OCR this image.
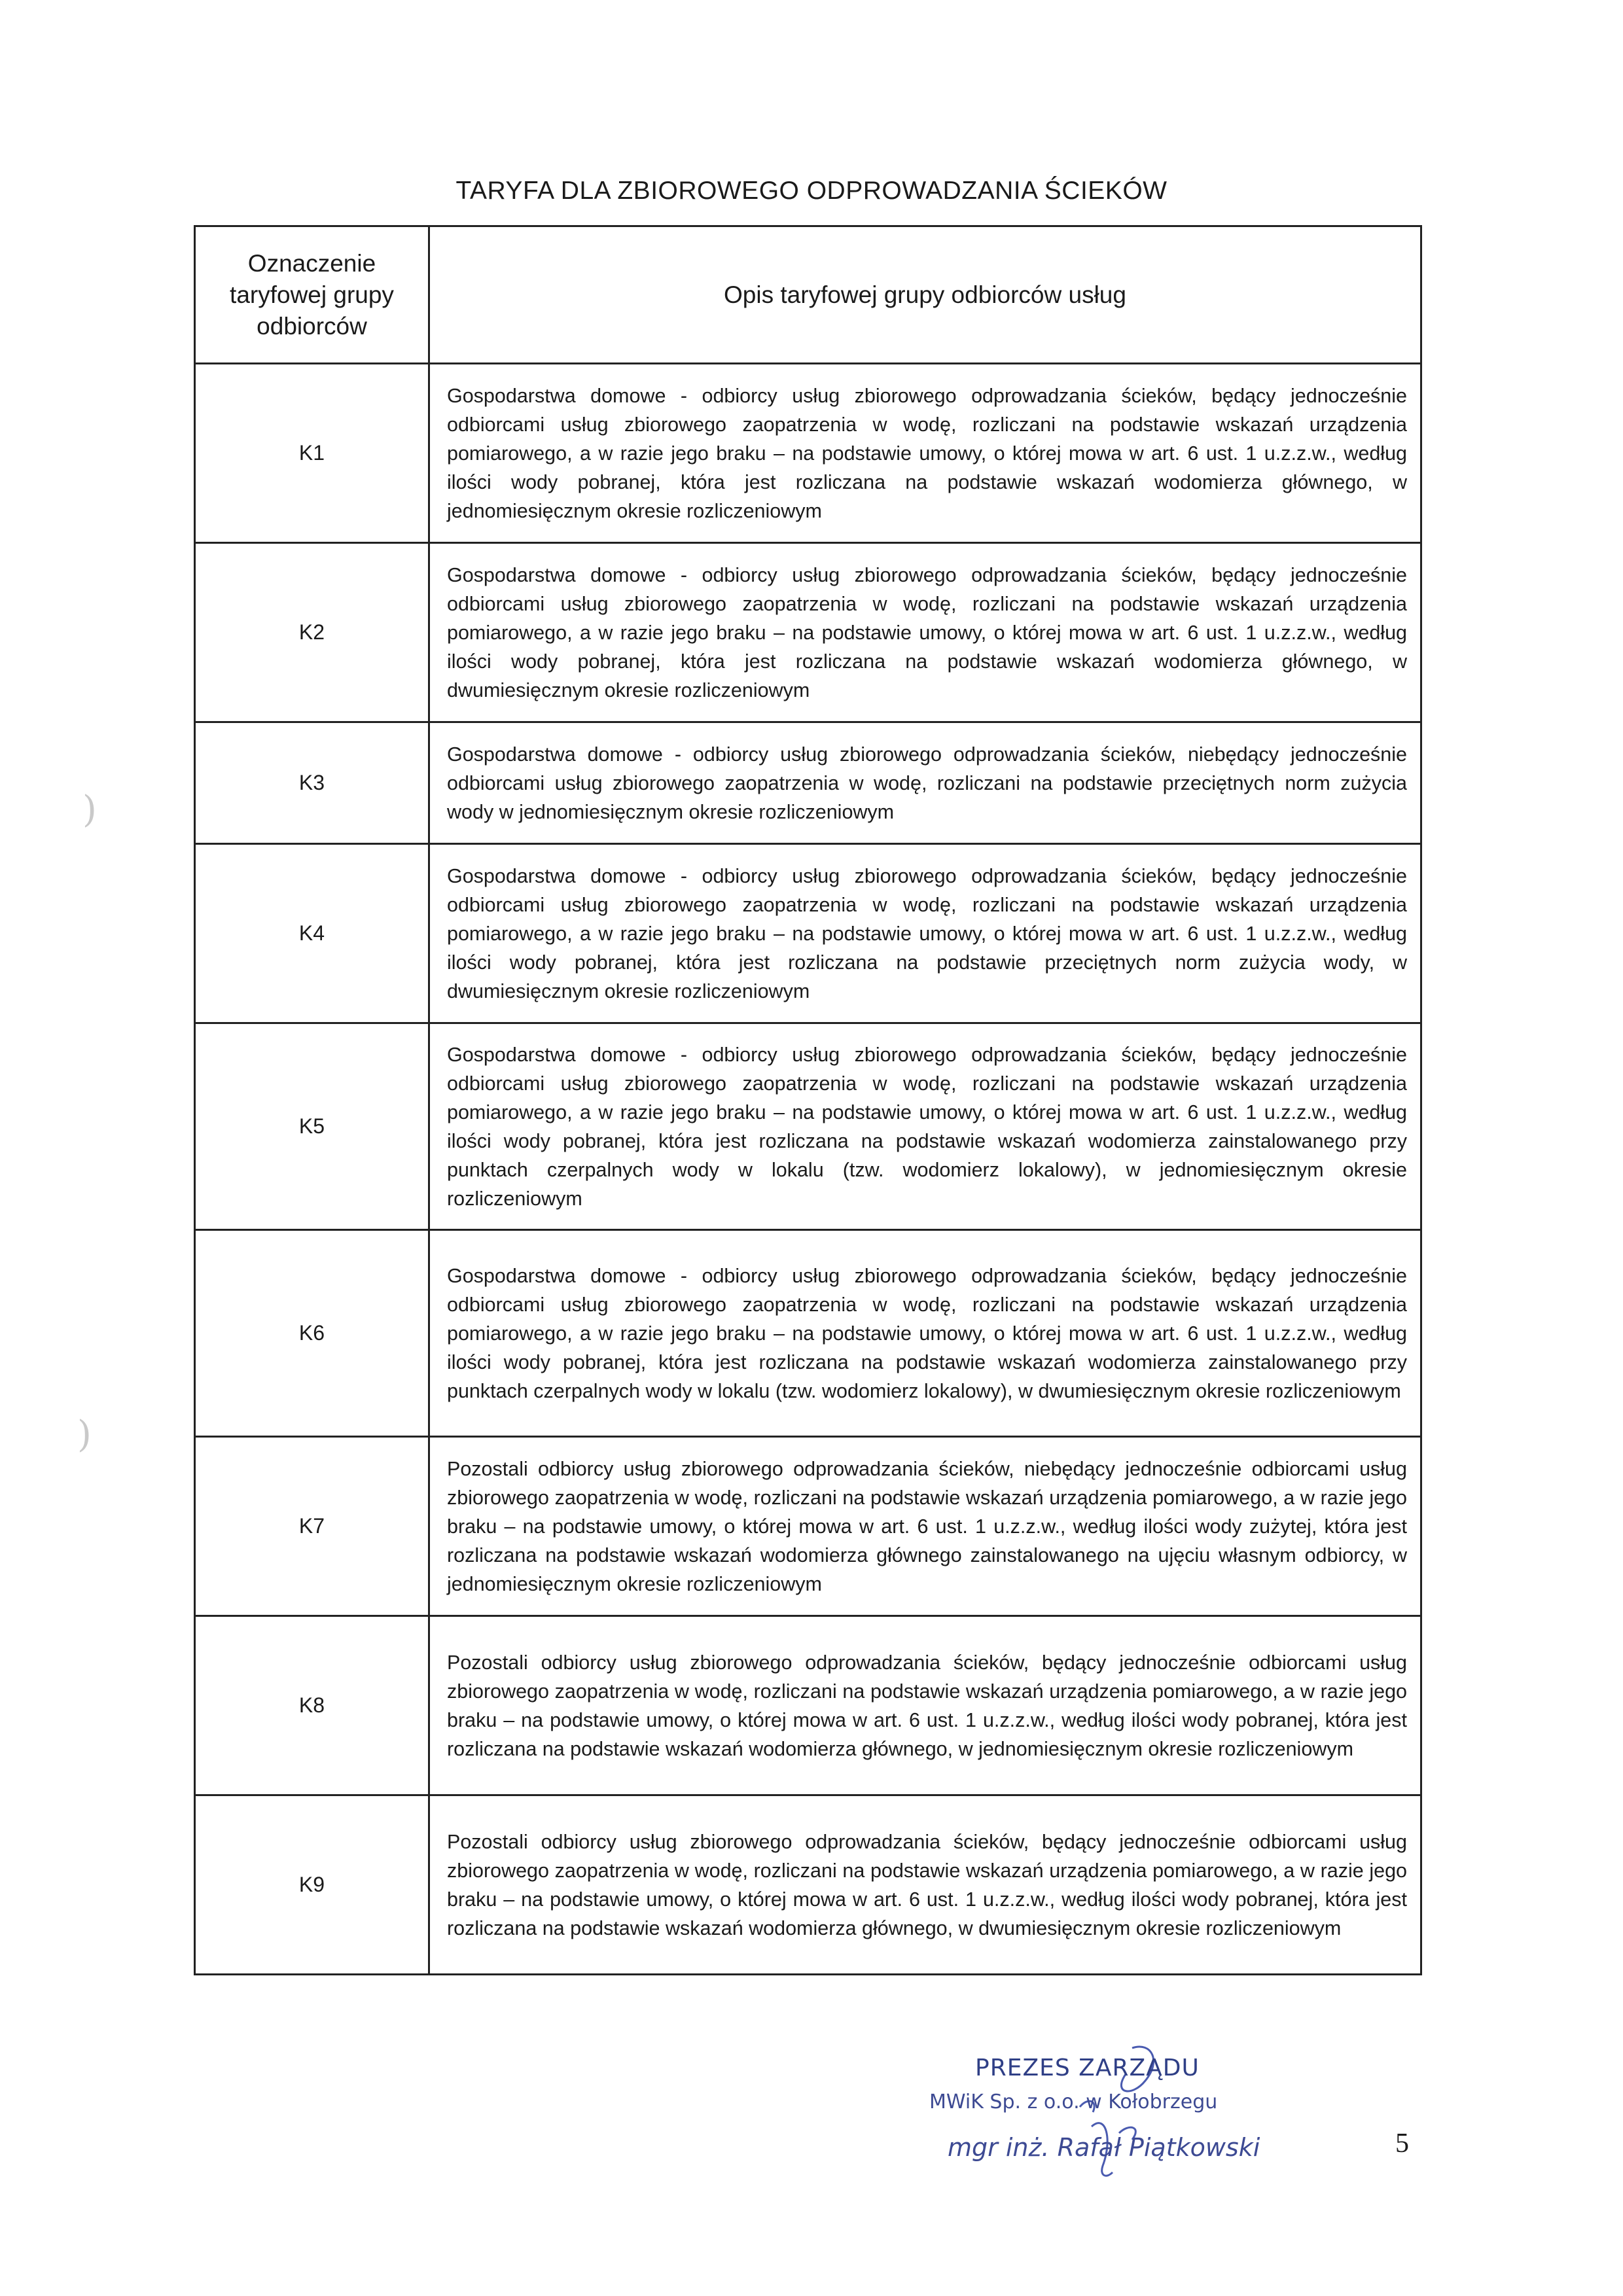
TARYFA DLA ZBIOROWEGO ODPROWADZANIA ŚCIEKÓW
Oznaczenie taryfowej grupy odbiorców	Opis taryfowej grupy odbiorców usług
K1	Gospodarstwa domowe - odbiorcy usług zbiorowego odprowadzania ścieków, będący jednocześnie odbiorcami usług zbiorowego zaopatrzenia w wodę, rozliczani na podstawie wskazań urządzenia pomiarowego, a w razie jego braku – na podstawie umowy, o której mowa w art. 6 ust. 1 u.z.z.w., według ilości wody pobranej, która jest rozliczana na podstawie wskazań wodomierza głównego, w jednomiesięcznym okresie rozliczeniowym
K2	Gospodarstwa domowe - odbiorcy usług zbiorowego odprowadzania ścieków, będący jednocześnie odbiorcami usług zbiorowego zaopatrzenia w wodę, rozliczani na podstawie wskazań urządzenia pomiarowego, a w razie jego braku – na podstawie umowy, o której mowa w art. 6 ust. 1 u.z.z.w., według ilości wody pobranej, która jest rozliczana na podstawie wskazań wodomierza głównego, w dwumiesięcznym okresie rozliczeniowym
K3	Gospodarstwa domowe - odbiorcy usług zbiorowego odprowadzania ścieków, niebędący jednocześnie odbiorcami usług zbiorowego zaopatrzenia w wodę, rozliczani na podstawie przeciętnych norm zużycia wody w jednomiesięcznym okresie rozliczeniowym
K4	Gospodarstwa domowe - odbiorcy usług zbiorowego odprowadzania ścieków, będący jednocześnie odbiorcami usług zbiorowego zaopatrzenia w wodę, rozliczani na podstawie wskazań urządzenia pomiarowego, a w razie jego braku – na podstawie umowy, o której mowa w art. 6 ust. 1 u.z.z.w., według ilości wody pobranej, która jest rozliczana na podstawie przeciętnych norm zużycia wody, w dwumiesięcznym okresie rozliczeniowym
K5	Gospodarstwa domowe - odbiorcy usług zbiorowego odprowadzania ścieków, będący jednocześnie odbiorcami usług zbiorowego zaopatrzenia w wodę, rozliczani na podstawie wskazań urządzenia pomiarowego, a w razie jego braku – na podstawie umowy, o której mowa w art. 6 ust. 1 u.z.z.w., według ilości wody pobranej, która jest rozliczana na podstawie wskazań wodomierza zainstalowanego przy punktach czerpalnych wody w lokalu (tzw. wodomierz lokalowy), w jednomiesięcznym okresie rozliczeniowym
K6	Gospodarstwa domowe - odbiorcy usług zbiorowego odprowadzania ścieków, będący jednocześnie odbiorcami usług zbiorowego zaopatrzenia w wodę, rozliczani na podstawie wskazań urządzenia pomiarowego, a w razie jego braku – na podstawie umowy, o której mowa w art. 6 ust. 1 u.z.z.w., według ilości wody pobranej, która jest rozliczana na podstawie wskazań wodomierza zainstalowanego przy punktach czerpalnych wody w lokalu (tzw. wodomierz lokalowy), w dwumiesięcznym okresie rozliczeniowym
K7	Pozostali odbiorcy usług zbiorowego odprowadzania ścieków, niebędący jednocześnie odbiorcami usług zbiorowego zaopatrzenia w wodę, rozliczani na podstawie wskazań urządzenia pomiarowego, a w razie jego braku – na podstawie umowy, o której mowa w art. 6 ust. 1 u.z.z.w., według ilości wody zużytej, która jest rozliczana na podstawie wskazań wodomierza głównego zainstalowanego na ujęciu własnym odbiorcy, w jednomiesięcznym okresie rozliczeniowym
K8	Pozostali odbiorcy usług zbiorowego odprowadzania ścieków, będący jednocześnie odbiorcami usług zbiorowego zaopatrzenia w wodę, rozliczani na podstawie wskazań urządzenia pomiarowego, a w razie jego braku – na podstawie umowy, o której mowa w art. 6 ust. 1 u.z.z.w., według ilości wody pobranej, która jest rozliczana na podstawie wskazań wodomierza głównego, w jednomiesięcznym okresie rozliczeniowym
K9	Pozostali odbiorcy usług zbiorowego odprowadzania ścieków, będący jednocześnie odbiorcami usług zbiorowego zaopatrzenia w wodę, rozliczani na podstawie wskazań urządzenia pomiarowego, a w razie jego braku – na podstawie umowy, o której mowa w art. 6 ust. 1 u.z.z.w., według ilości wody pobranej, która jest rozliczana na podstawie wskazań wodomierza głównego, w dwumiesięcznym okresie rozliczeniowym
)
)

PREZES ZARZĄDU

MWiK Sp. z o.o. w Kołobrzegu

mgr inż. Rafał Piątkowski	5
